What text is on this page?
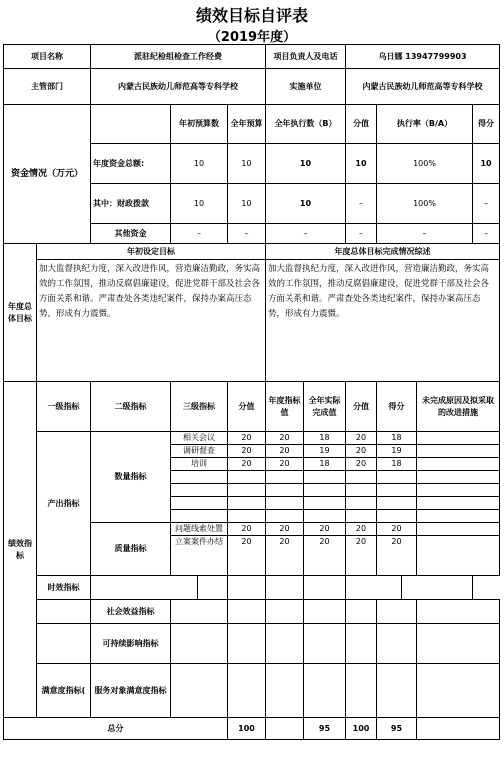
绩效目标自评表
（2019年度）
项目名称		派驻纪检组检查工作经费				项目负责人及电话		乌日娜 13947799903				
主管部门		内蒙古民族幼儿师范高等专科学校				实施单位		内蒙古民族幼儿师范高等专科学校				
资金情况（万元）			年初预算数		全年预算	全年执行数（B）		分值	执行率（B/A）			得分
		年度资金总额:	10		10	10		10	100%			10
		其中：财政拨款	10		10	10		–	100%			–
		其他资金	–		–	–		–	–			–
年度总体目标	年初设定目标					年度总体目标完成情况综述						
	加大监督执纪力度，深入改进作风，营造廉洁勤政，务实高效的工作氛围，推动反腐倡廉建设，促进党群干部及社会各方面关系和谐。严肃查处各类违纪案件，保持办案高压态势，形成有力震慑。					加大监督执纪力度，深入改进作风，营造廉洁勤政，务实高效的工作氛围，推动反腐倡廉建设，促进党群干部及社会各方面关系和谐。严肃查处各类违纪案件，保持办案高压态势，形成有力震慑。						
绩效指标	一级指标	二级指标	三级指标		分值	年度指标值	全年实际完成值	分值	得分		未完成原因及拟采取的改进措施	
	产出指标	数量指标	相关会议		20	20	18	20	18			
			调研督查		20	20	19	20	19			
			培训		20	20	18	20	18			

		质量指标	问题线索处置		20	20	20	20	20			
			立案案件办结		20	20	20	20	20			
	时效指标											
		社会效益指标										
		可持续影响指标										
	满意度指标(	服务对象满意度指标										
总分					100		95	100	95			
